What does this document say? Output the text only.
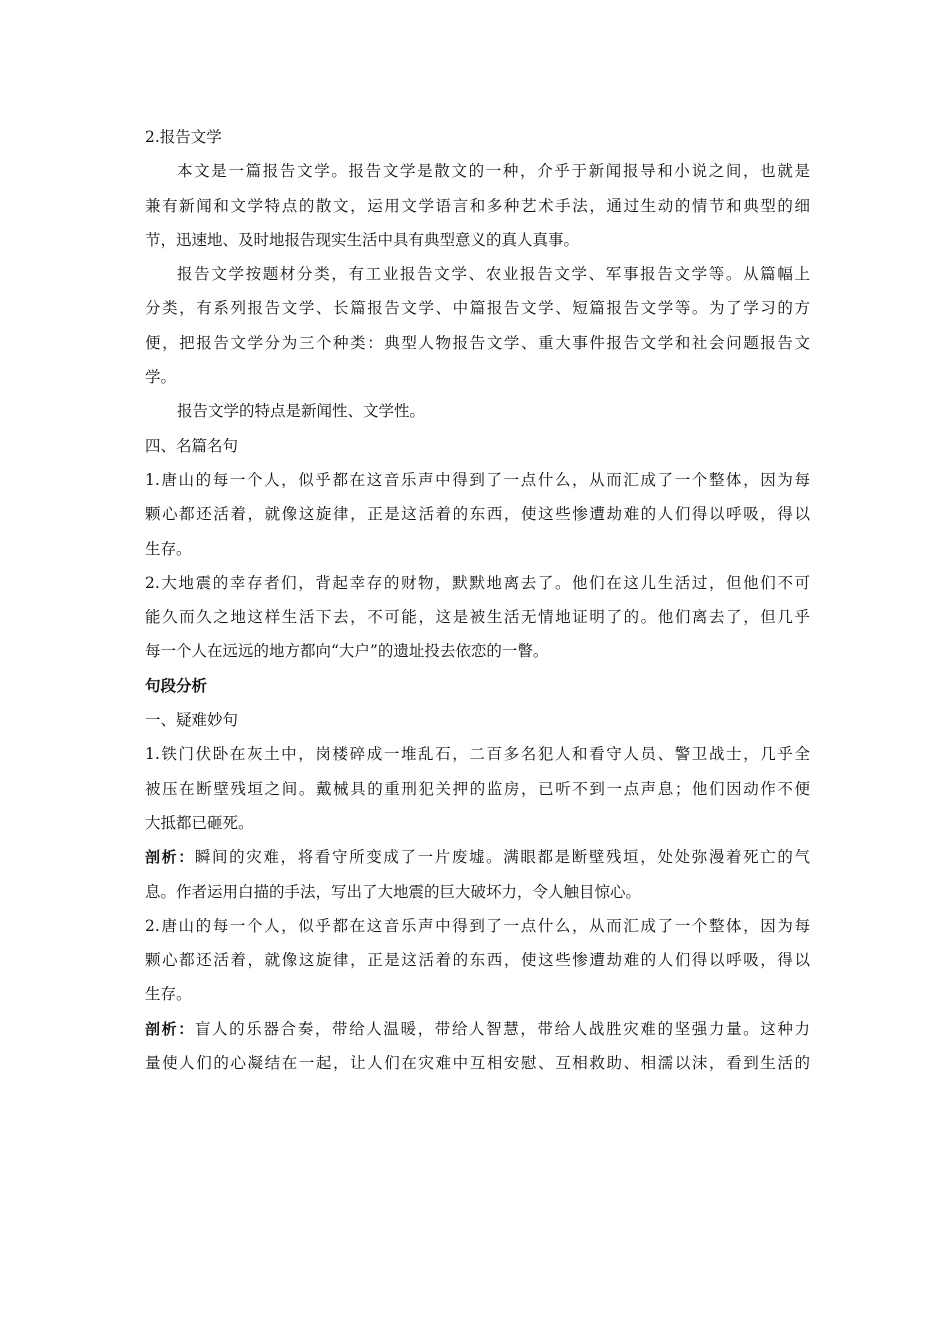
2.报告文学
本文是一篇报告文学。报告文学是散文的一种，介乎于新闻报导和小说之间，也就是
兼有新闻和文学特点的散文，运用文学语言和多种艺术手法，通过生动的情节和典型的细
节，迅速地、及时地报告现实生活中具有典型意义的真人真事。
报告文学按题材分类，有工业报告文学、农业报告文学、军事报告文学等。从篇幅上
分类，有系列报告文学、长篇报告文学、中篇报告文学、短篇报告文学等。为了学习的方
便，把报告文学分为三个种类：典型人物报告文学、重大事件报告文学和社会问题报告文
学。
报告文学的特点是新闻性、文学性。
四、名篇名句
1.唐山的每一个人，似乎都在这音乐声中得到了一点什么，从而汇成了一个整体，因为每
颗心都还活着，就像这旋律，正是这活着的东西，使这些惨遭劫难的人们得以呼吸，得以
生存。
2.大地震的幸存者们，背起幸存的财物，默默地离去了。他们在这儿生活过，但他们不可
能久而久之地这样生活下去，不可能，这是被生活无情地证明了的。他们离去了，但几乎
每一个人在远远的地方都向“大户”的遗址投去依恋的一瞥。
句段分析
一、疑难妙句
1.铁门伏卧在灰土中，岗楼碎成一堆乱石，二百多名犯人和看守人员、警卫战士，几乎全
被压在断壁残垣之间。戴械具的重刑犯关押的监房，已听不到一点声息；他们因动作不便
大抵都已砸死。
剖析：瞬间的灾难，将看守所变成了一片废墟。满眼都是断壁残垣，处处弥漫着死亡的气
息。作者运用白描的手法，写出了大地震的巨大破坏力，令人触目惊心。
2.唐山的每一个人，似乎都在这音乐声中得到了一点什么，从而汇成了一个整体，因为每
颗心都还活着，就像这旋律，正是这活着的东西，使这些惨遭劫难的人们得以呼吸，得以
生存。
剖析：盲人的乐器合奏，带给人温暖，带给人智慧，带给人战胜灾难的坚强力量。这种力
量使人们的心凝结在一起，让人们在灾难中互相安慰、互相救助、相濡以沫，看到生活的
